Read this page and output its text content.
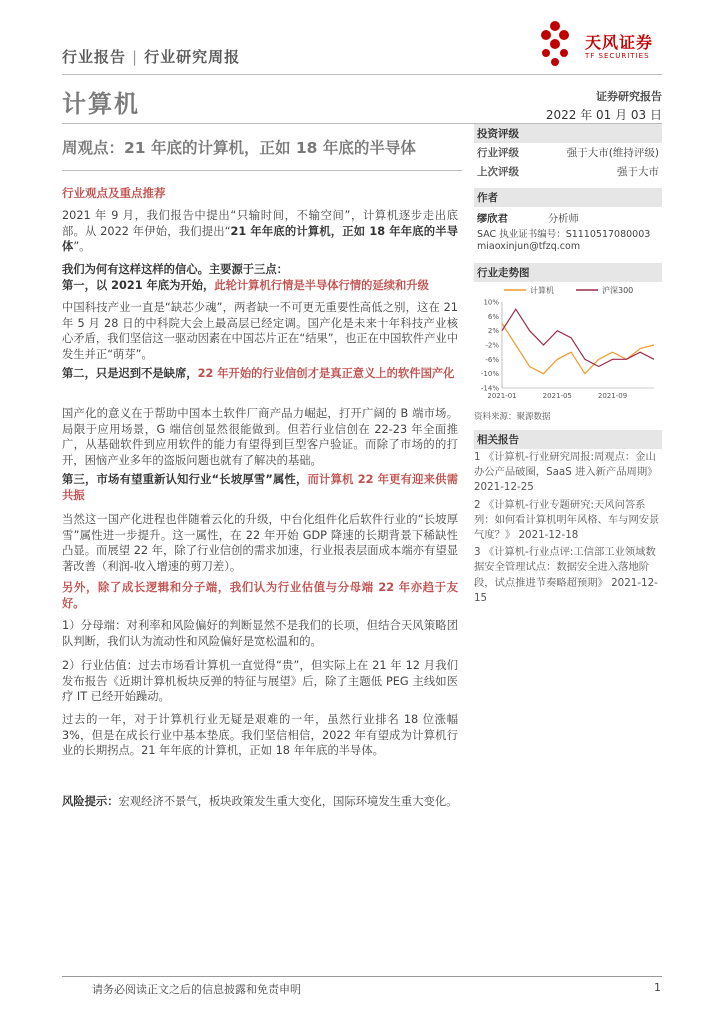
行业报告 | 行业研究周报
天风证券
TF SECURITIES
计算机	证券研究报告
2022 年 01 月 03 日
周观点：21 年底的计算机，正如 18 年底的半导体
行业观点及重点推荐
2021 年 9 月，我们报告中提出“只输时间，不输空间”，计算机逐步走出底部。从 2022 年伊始，我们提出“21 年年底的计算机，正如 18 年年底的半导体”。
我们为何有这样这样的信心。主要源于三点：
第一，以 2021 年底为开始，此轮计算机行情是半导体行情的延续和升级
中国科技产业一直是“缺芯少魂”，两者缺一不可更无重要性高低之别，这在 21 年 5 月 28 日的中科院大会上最高层已经定调。国产化是未来十年科技产业核心矛盾，我们坚信这一驱动因素在中国芯片正在“结果”，也正在中国软件产业中发生并正“萌芽”。
第二，只是迟到不是缺席，22 年开始的行业信创才是真正意义上的软件国产化
国产化的意义在于帮助中国本土软件厂商产品力崛起，打开广阔的 B 端市场。局限于应用场景，G 端信创显然很能做到。但若行业信创在 22-23 年全面推广，从基础软件到应用软件的能力有望得到巨型客户验证。而除了市场的的打开，困恼产业多年的盗版问题也就有了解决的基础。
第三，市场有望重新认知行业“长坡厚雪”属性，而计算机 22 年更有迎来供需共振
当然这一国产化进程也伴随着云化的升级，中台化组件化后软件行业的“长坡厚雪”属性进一步提升。这一属性，在 22 年开始 GDP 降速的长期背景下稀缺性凸显。而展望 22 年，除了行业信创的需求加速，行业报表层面成本端亦有望显著改善（利润-收入增速的剪刀差）。
另外，除了成长逻辑和分子端，我们认为行业估值与分母端 22 年亦趋于友好。
1）分母端：对利率和风险偏好的判断显然不是我们的长项，但结合天风策略团队判断，我们认为流动性和风险偏好是宽松温和的。
2）行业估值：过去市场看计算机一直觉得“贵”，但实际上在 21 年 12 月我们发布报告《近期计算机板块反弹的特征与展望》后，除了主题低 PEG 主线如医疗 IT 已经开始躁动。
过去的一年，对于计算机行业无疑是艰难的一年，虽然行业排名 18 位涨幅3%，但是在成长行业中基本垫底。我们坚信相信，2022 年有望成为计算机行业的长期拐点。21 年年底的计算机，正如 18 年年底的半导体。
风险提示：宏观经济不景气，板块政策发生重大变化，国际环境发生重大变化。
投资评级
行业评级	强于大市(维持评级)
上次评级	强于大市
作者
缪欣君	分析师
SAC 执业证书编号：S1110517080003
miaoxinjun@tfzq.com
行业走势图
计算机	沪深300
10%
6%
2%
-2%
-6%
-10%
-14%
2021-01	2021-05	2021-09
资料来源：聚源数据
相关报告
1 《计算机-行业研究周报:周观点：金山办公产品破圈，SaaS 进入新产品周期》 2021-12-25
2 《计算机-行业专题研究:天风问答系列：如何看计算机明年风格、车与网安景气度？》 2021-12-18
3 《计算机-行业点评:工信部工业领域数据安全管理试点：数据安全进入落地阶段，试点推进节奏略超预期》 2021-12-15
请务必阅读正文之后的信息披露和免责申明	1
